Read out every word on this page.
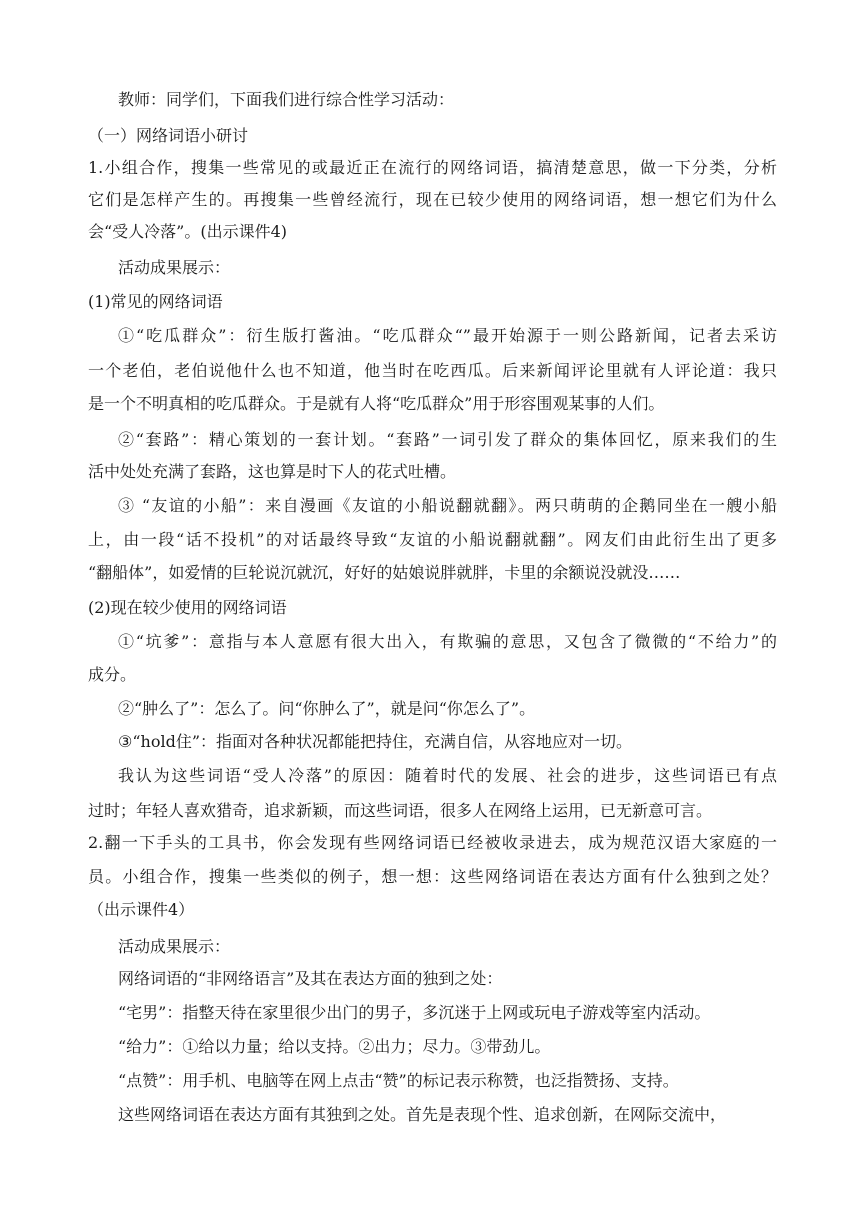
教师：同学们，下面我们进行综合性学习活动：
（一）网络词语小研讨
1.小组合作，搜集一些常见的或最近正在流行的网络词语，搞清楚意思，做一下分类，分析
它们是怎样产生的。再搜集一些曾经流行，现在已较少使用的网络词语，想一想它们为什么
会“受人冷落”。(出示课件4)
活动成果展示：
(1)常见的网络词语
①“吃瓜群众”：衍生版打酱油。“吃瓜群众“”最开始源于一则公路新闻，记者去采访
一个老伯，老伯说他什么也不知道，他当时在吃西瓜。后来新闻评论里就有人评论道：我只
是一个不明真相的吃瓜群众。于是就有人将“吃瓜群众”用于形容围观某事的人们。
②“套路”：精心策划的一套计划。“套路”一词引发了群众的集体回忆，原来我们的生
活中处处充满了套路，这也算是时下人的花式吐槽。
③ “友谊的小船”：来自漫画《友谊的小船说翻就翻》。两只萌萌的企鹅同坐在一艘小船
上，由一段“话不投机”的对话最终导致“友谊的小船说翻就翻”。网友们由此衍生出了更多
“翻船体”，如爱情的巨轮说沉就沉，好好的姑娘说胖就胖，卡里的余额说没就没……
(2)现在较少使用的网络词语
①“坑爹”：意指与本人意愿有很大出入，有欺骗的意思，又包含了微微的“不给力”的
成分。
②“肿么了”：怎么了。问“你肿么了”，就是问“你怎么了”。
③“hold住”：指面对各种状况都能把持住，充满自信，从容地应对一切。
我认为这些词语“受人冷落”的原因：随着时代的发展、社会的进步，这些词语已有点
过时；年轻人喜欢猎奇，追求新颖，而这些词语，很多人在网络上运用，已无新意可言。
2.翻一下手头的工具书，你会发现有些网络词语已经被收录进去，成为规范汉语大家庭的一
员。小组合作，搜集一些类似的例子，想一想：这些网络词语在表达方面有什么独到之处？
（出示课件4）
活动成果展示：
网络词语的“非网络语言”及其在表达方面的独到之处：
“宅男”：指整天待在家里很少出门的男子，多沉迷于上网或玩电子游戏等室内活动。
“给力”：①给以力量；给以支持。②出力；尽力。③带劲儿。
“点赞”：用手机、电脑等在网上点击“赞”的标记表示称赞，也泛指赞扬、支持。
这些网络词语在表达方面有其独到之处。首先是表现个性、追求创新，在网际交流中，
